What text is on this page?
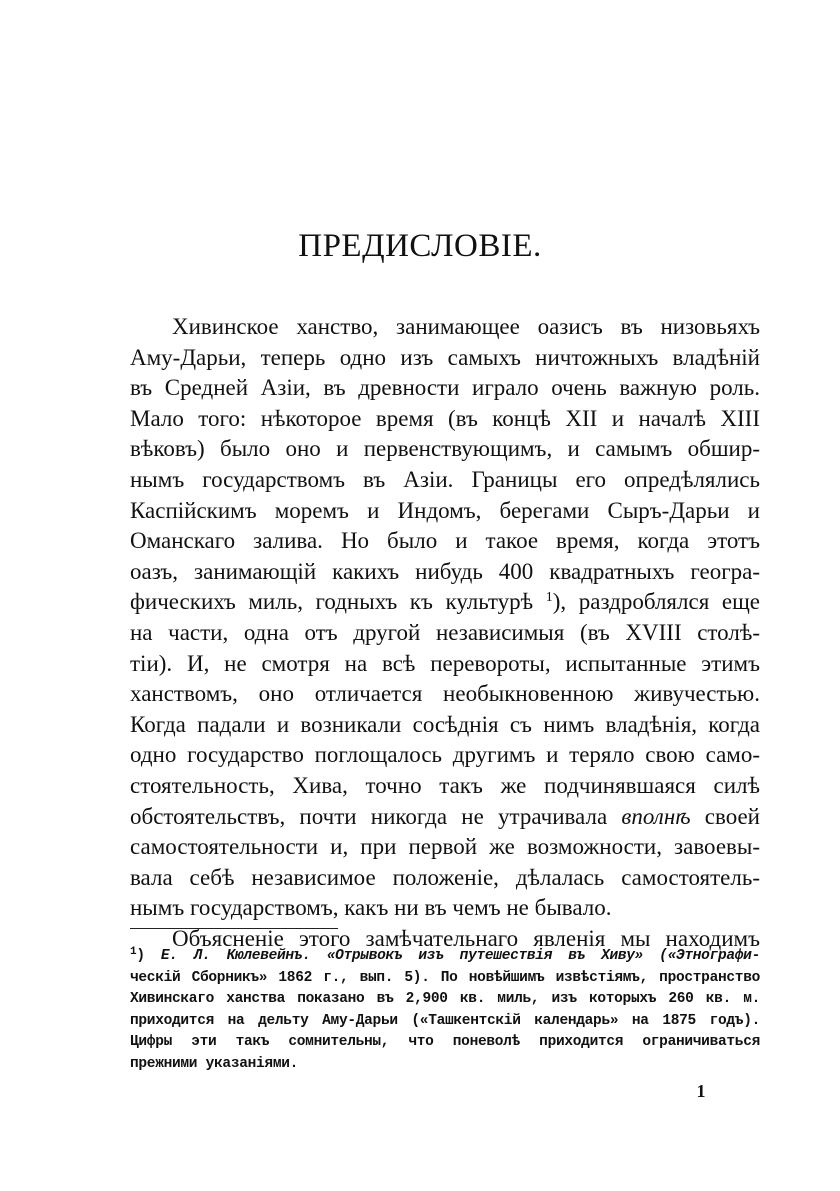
ПРЕДИСЛОВІЕ.
Хивинское ханство, занимающее оазисъ въ низовьяхъ
Аму-Дарьи, теперь одно изъ самыхъ ничтожныхъ владѣній
въ Средней Азіи, въ древности играло очень важную роль.
Мало того: нѣкоторое время (въ концѣ XII и началѣ XIII
вѣковъ) было оно и первенствующимъ, и самымъ обшир-
нымъ государствомъ въ Азіи. Границы его опредѣлялись
Каспійскимъ моремъ и Индомъ, берегами Сыръ-Дарьи и
Оманскаго залива. Но было и такое время, когда этотъ
оазъ, занимающій какихъ нибудь 400 квадратныхъ геогра-
фическихъ миль, годныхъ къ культурѣ $^1$), раздроблялся еще
на части, одна отъ другой независимыя (въ XVIII столѣ-
тіи). И, не смотря на всѣ перевороты, испытанные этимъ
ханствомъ, оно отличается необыкновенною живучестью.
Когда падали и возникали сосѣднія съ нимъ владѣнія, когда
одно государство поглощалось другимъ и теряло свою само-
стоятельность, Хива, точно такъ же подчинявшаяся силѣ
обстоятельствъ, почти никогда не утрачивала вполнѣ своей
самостоятельности и, при первой же возможности, завоевы-
вала себѣ независимое положеніе, дѣлалась самостоятель-
нымъ государствомъ, какъ ни въ чемъ не бывало.
Объясненіе этого замѣчательнаго явленія мы находимъ
$^1$) Е. Л. Кюлевейнъ. «Отрывокъ изъ путешествія въ Хиву» («Этнографи-
ческій Сборникъ» 1862 г., вып. 5). По новѣйшимъ извѣстіямъ, пространство
Хивинскаго ханства показано въ 2,900 кв. миль, изъ которыхъ 260 кв. м.
приходится на дельту Аму-Дарьи («Ташкентскій календарь» на 1875 годъ).
Цифры эти такъ сомнительны, что поневолѣ приходится ограничиваться
прежними указаніями.
1
